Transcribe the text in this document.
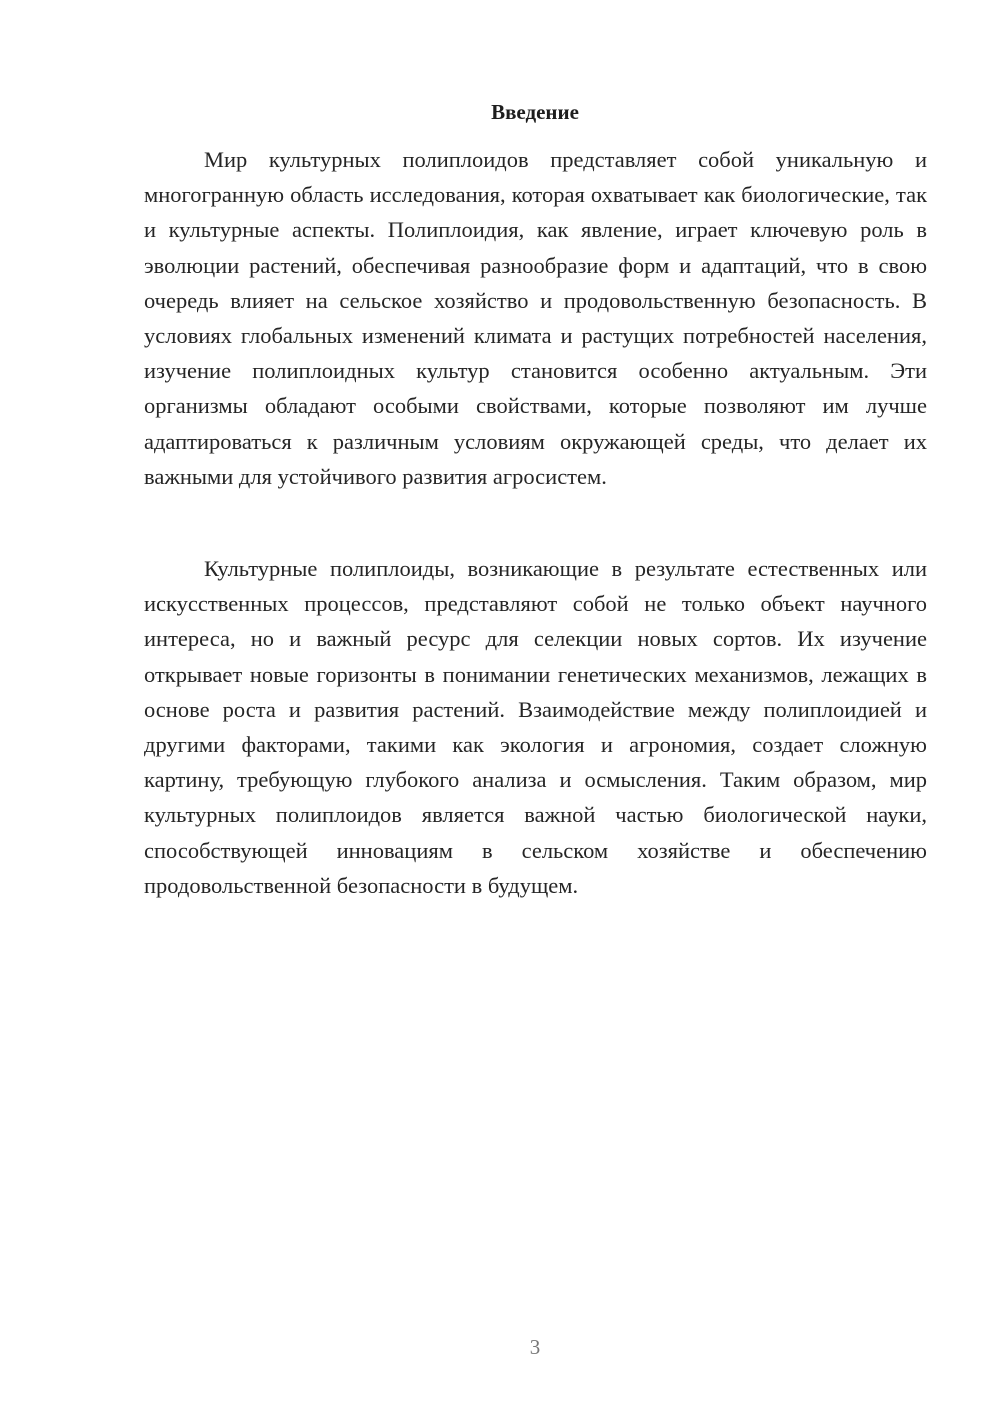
Введение

Мир культурных полиплоидов представляет собой уникальную и многогранную область исследования, которая охватывает как биологические, так и культурные аспекты. Полиплоидия, как явление, играет ключевую роль в эволюции растений, обеспечивая разнообразие форм и адаптаций, что в свою очередь влияет на сельское хозяйство и продовольственную безопасность. В условиях глобальных изменений климата и растущих потребностей населения, изучение полиплоидных культур становится особенно актуальным. Эти организмы обладают особыми свойствами, которые позволяют им лучше адаптироваться к различным условиям окружающей среды, что делает их важными для устойчивого развития агросистем.

Культурные полиплоиды, возникающие в результате естественных или искусственных процессов, представляют собой не только объект научного интереса, но и важный ресурс для селекции новых сортов. Их изучение открывает новые горизонты в понимании генетических механизмов, лежащих в основе роста и развития растений. Взаимодействие между полиплоидией и другими факторами, такими как экология и агрономия, создает сложную картину, требующую глубокого анализа и осмысления. Таким образом, мир культурных полиплоидов является важной частью биологической науки, способствующей инновациям в сельском хозяйстве и обеспечению продовольственной безопасности в будущем.

3
